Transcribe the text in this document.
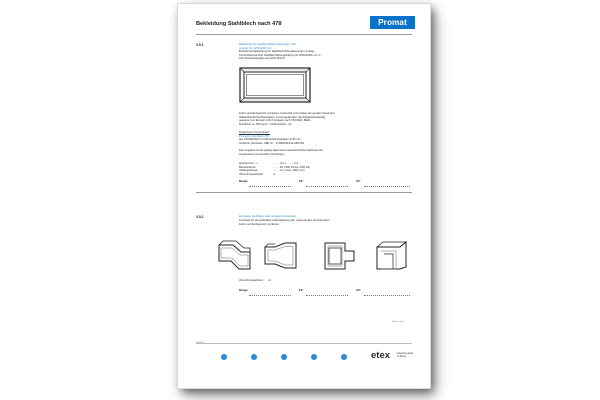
Bekleidung Stahlblech nach 478	Promat
3.5.1	Bekleidung für Stahlblechlüftungsleitungen, L90,
4-seitig, bis 1250x1000 mm
Brandschutzbekleidung für Stahlblechlüftungsleitungen 4-seitig,
Konstruktionsschnitt Stahlblechlüftungsleitung bis 1250x1000 mm i.L.,
L90 (feuerbeständig) nach DIN 4102-6.
liefern und fachgerecht montieren, horizontal und vertikal, als gerader Kanal aus
Silikat-Brandschutzbauplatten, zementgebunden, feuchtigkeitsbeständig,
geeignet zum Einsatz in RLT-Anlagen nach VDI 6022, Blatt1,
Rohdichte ca. 500 kg/m³, nichtbrennbar - A1.
Angebotene Konstruktion:
Promat-Konstruktion 478
aus PROMATECT-LS-Brandschutzplatten d=35 mm
Amtlicher Nachweis: ABP Nr. : P-3062/304/14-MPA BS
Dem Angebot ist der gültige allgemeine bauaufsichtliche Nachweis der
angebotenen Konstruktion beizufügen.
Querschnitt i. L.:	........ mm x ........ mm
Betriebsdruck:	........ Pa (-500 Pa bis +500 Pa)
Abhängerlänge:	........ mm (max. 3000 mm)
Abrechnungseinheit:	m
Menge:	EP:	GP:
3.5.2	Formteile, wie Bögen oder sonstige Formstücke
Formteile für die bekleidete Lüftungsleitung der vorgenannten Grundposition,
liefern und fachgerecht montieren.
Abrechnungseinheit: m²
Menge:	EP:	GP:
03/2020
Seite 1 von 2
etex	inspiring ways
of living
